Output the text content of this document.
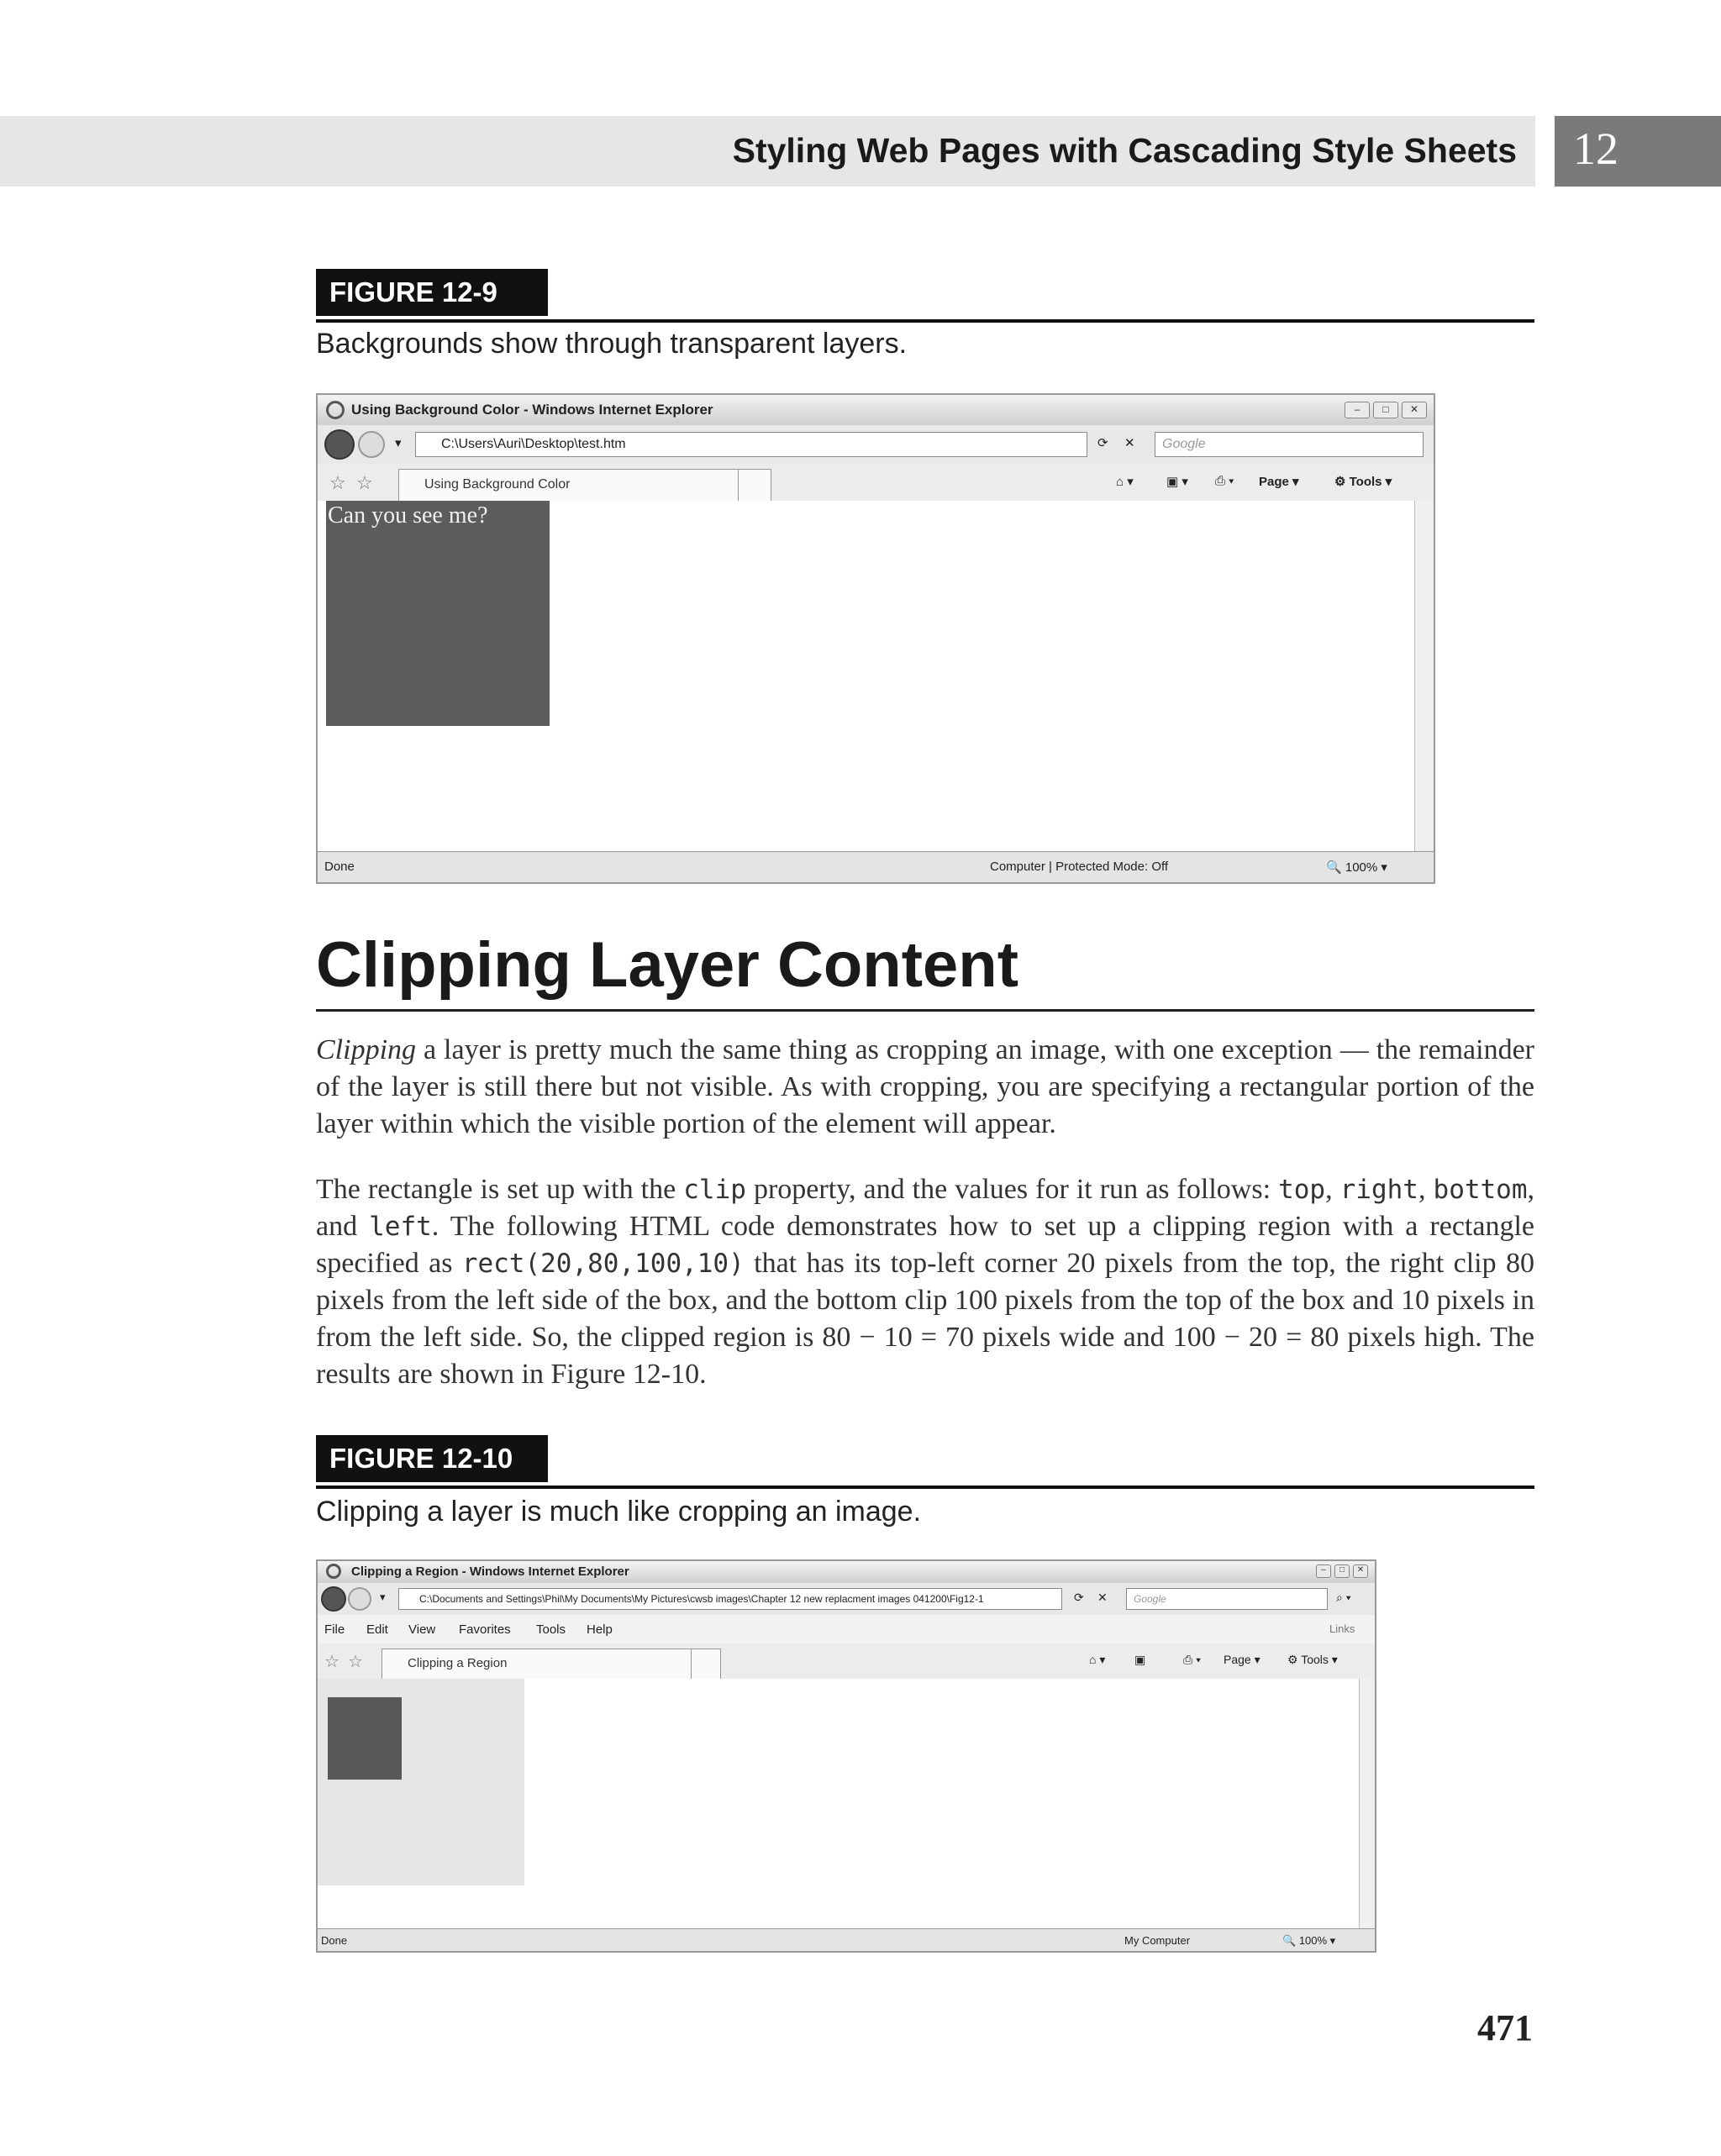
Styling Web Pages with Cascading Style Sheets 12
FIGURE 12-9
Backgrounds show through transparent layers.
Using Background Color - Windows Internet Explorer	–	□	✕
▾	C:\Users\Auri\Desktop\test.htm	⟳ ✕	Google
☆ ☆	Using Background Color	⌂ ▾	▣ ▾ ⎙ ▾ Page ▾	⚙ Tools ▾
Can you see me?
Done	Computer | Protected Mode: Off	🔍 100% ▾
Clipping Layer Content

Clipping a layer is pretty much the same thing as cropping an image, with one exception — the remainder of the layer is still there but not visible. As with cropping, you are specifying a rectangular portion of the layer within which the visible portion of the element will appear.

The rectangle is set up with the clip property, and the values for it run as follows: top, right, bottom, and left. The following HTML code demonstrates how to set up a clipping region with a rectangle specified as rect(20,80,100,10) that has its top-left corner 20 pixels from the top, the right clip 80 pixels from the left side of the box, and the bottom clip 100 pixels from the top of the box and 10 pixels in from the left side. So, the clipped region is 80 − 10 = 70 pixels wide and 100 − 20 = 80 pixels high. The results are shown in Figure 12-10.

FIGURE 12-10
Clipping a layer is much like cropping an image.
Clipping a Region - Windows Internet Explorer	–	□	✕
▾	C:\Documents and Settings\Phil\My Documents\My Pictures\cwsb images\Chapter 12 new replacment images 041200\Fig12-1	⟳ ✕	Google	⌕ ▾
File Edit View Favorites Tools Help	Links
☆ ☆	Clipping a Region	⌂ ▾ ▣	⎙ ▾ Page ▾ ⚙ Tools ▾
Done	My Computer	🔍 100% ▾
471
